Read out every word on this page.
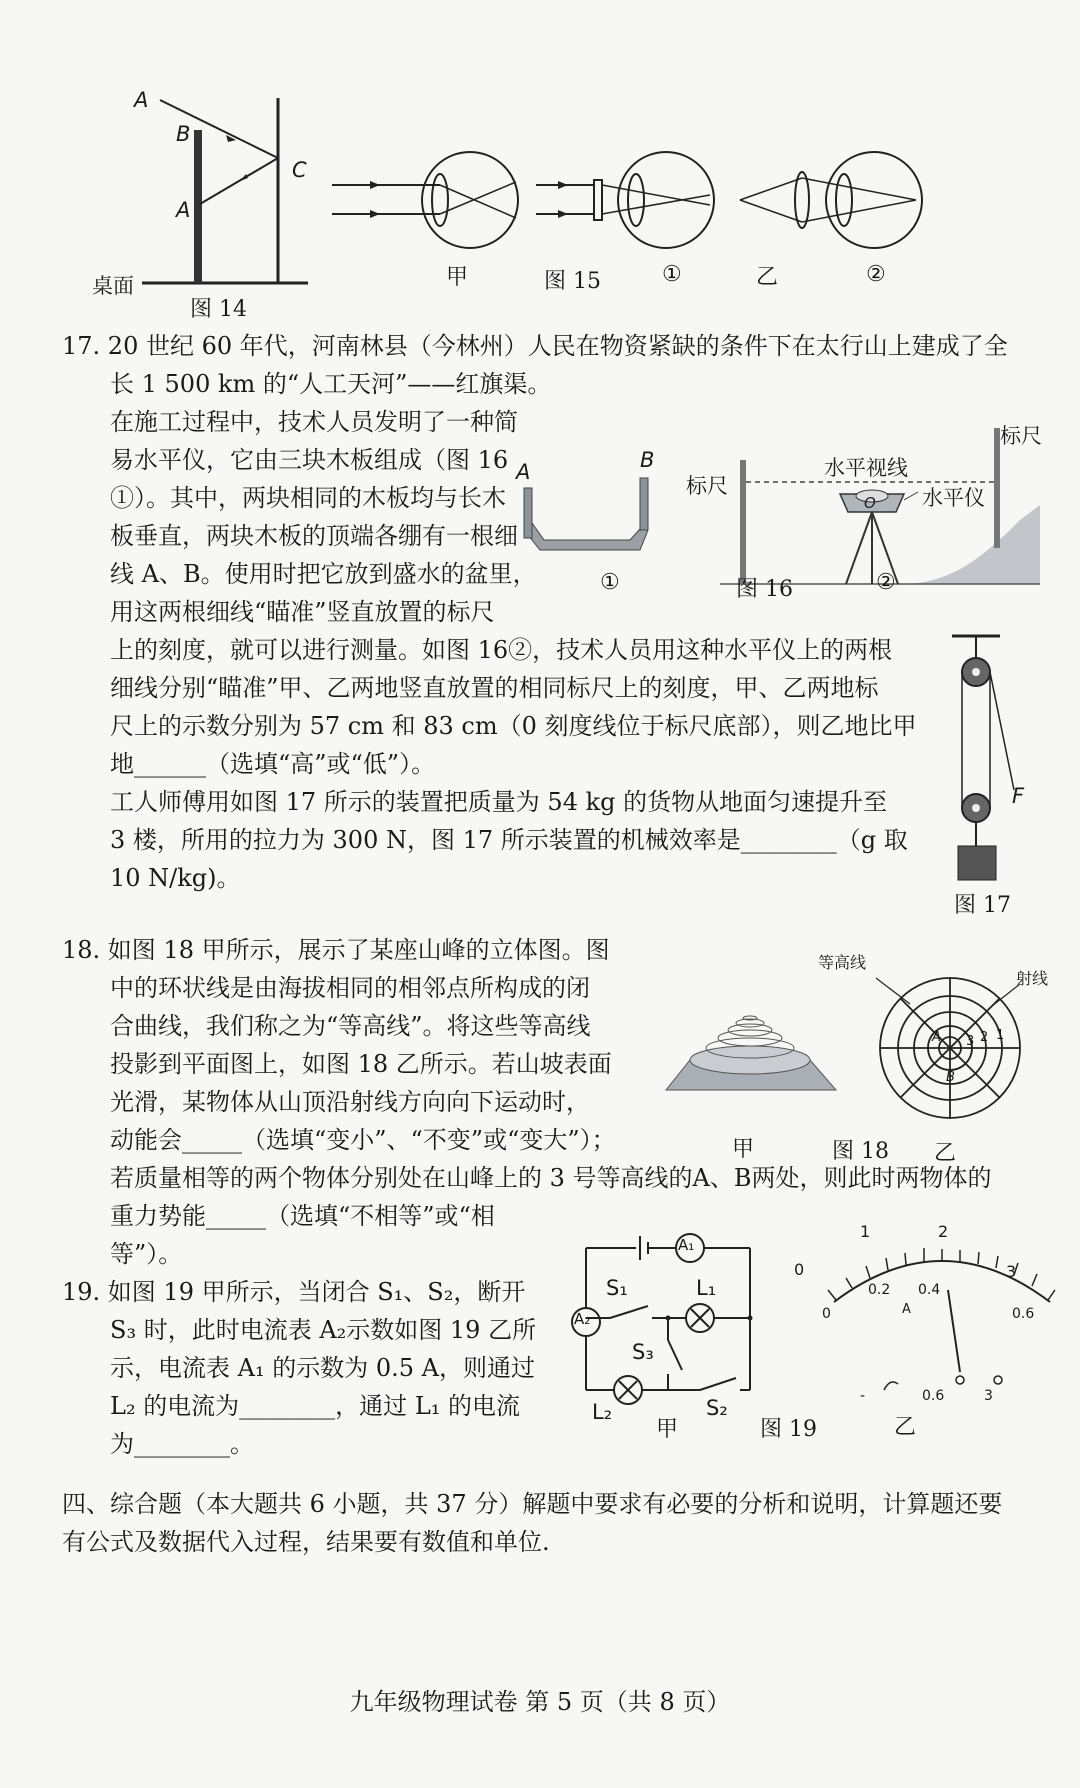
A
B
A
C
桌面
图 14
甲	图 15	①	乙	②
17. 20 世纪 60 年代，河南林县（今林州）人民在物资紧缺的条件下在太行山上建成了全
长 1 500 km 的“人工天河”——红旗渠。
在施工过程中，技术人员发明了一种简
易水平仪，它由三块木板组成（图 16
①）。其中，两块相同的木板均与长木
板垂直，两块木板的顶端各绷有一根细
线 A、B。使用时把它放到盛水的盆里，
用这两根细线“瞄准”竖直放置的标尺
上的刻度，就可以进行测量。如图 16②，技术人员用这种水平仪上的两根
细线分别“瞄准”甲、乙两地竖直放置的相同标尺上的刻度，甲、乙两地标
尺上的示数分别为 57 cm 和 83 cm（0 刻度线位于标尺底部），则乙地比甲
地______（选填“高”或“低”）。
工人师傅用如图 17 所示的装置把质量为 54 kg 的货物从地面匀速提升至
3 楼，所用的拉力为 300 N，图 17 所示装置的机械效率是________（g 取
10 N/kg)。
A	B
①	图 16	②
标尺
标尺
水平视线
水平仪
O
F
图 17
18. 如图 18 甲所示，展示了某座山峰的立体图。图
中的环状线是由海拔相同的相邻点所构成的闭
合曲线，我们称之为“等高线”。将这些等高线
投影到平面图上，如图 18 乙所示。若山坡表面
光滑，某物体从山顶沿射线方向向下运动时，
动能会_____（选填“变小”、“不变”或“变大”）；
若质量相等的两个物体分别处在山峰上的 3 号等高线的A、B两处，则此时两物体的
重力势能_____（选填“不相等”或“相
等”）。
等高线
射线
A
B
1
2
3
甲	图 18 乙
19. 如图 19 甲所示，当闭合 S₁、S₂，断开
S₃ 时，此时电流表 A₂示数如图 19 乙所
示，电流表 A₁ 的示数为 0.5 A，则通过
L₂ 的电流为________，通过 L₁ 的电流
为________。
A₁
A₂
S₁	L₁
S₃
L₂	S₂
甲	图 19	乙
0
1	2
3
0
0.2 0.4
0.6
A
-	0.6	3
四、综合题（本大题共 6 小题，共 37 分）解题中要求有必要的分析和说明，计算题还要
有公式及数据代入过程，结果要有数值和单位.
九年级物理试卷 第 5 页（共 8 页）
